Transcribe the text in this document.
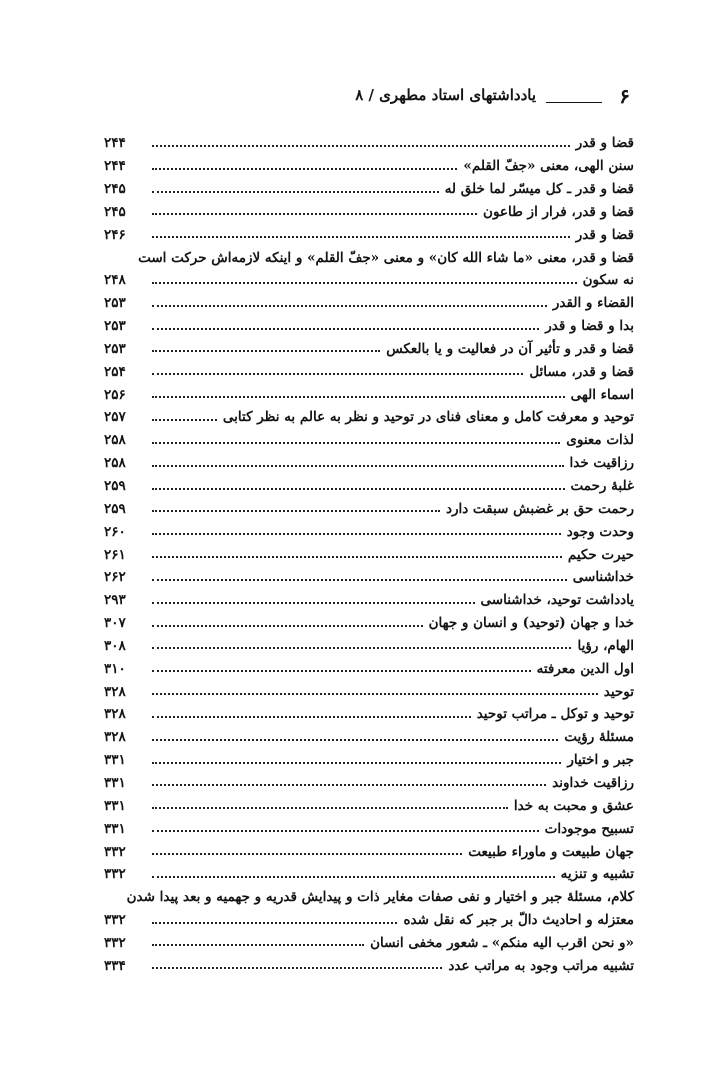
۶
یادداشتهای استاد مطهری / ۸
قضا و قدر
۲۴۴
سنن الهی، معنی «جفّ القلم»
۲۴۴
قضا و قدر ـ کل میسّر لما خلق له
۲۴۵
قضا و قدر، فرار از طاعون
۲۴۵
قضا و قدر
۲۴۶
قضا و قدر، معنی «ما شاء الله کان» و معنی «جفّ القلم» و اینکه لازمه‌اش حرکت است
نه سکون
۲۴۸
القضاء و القدر
۲۵۳
بدا و قضا و قدر
۲۵۳
قضا و قدر و تأثیر آن در فعالیت و یا بالعکس
۲۵۳
قضا و قدر، مسائل
۲۵۴
اسماء الهی
۲۵۶
توحید و معرفت کامل و معنای فنای در توحید و نظر به عالم به نظر کتابی
۲۵۷
لذات معنوی
۲۵۸
رزاقیت خدا
۲۵۸
غلبهٔ رحمت
۲۵۹
رحمت حق بر غضبش سبقت دارد
۲۵۹
وحدت وجود
۲۶۰
حیرت حکیم
۲۶۱
خداشناسی
۲۶۲
یادداشت توحید، خداشناسی
۲۹۳
خدا و جهان (توحید) و انسان و جهان
۳۰۷
الهام، رؤیا
۳۰۸
اول الدین معرفته
۳۱۰
توحید
۳۲۸
توحید و توکل ـ مراتب توحید
۳۲۸
مسئلهٔ رؤیت
۳۲۸
جبر و اختیار
۳۳۱
رزاقیت خداوند
۳۳۱
عشق و محبت به خدا
۳۳۱
تسبیح موجودات
۳۳۱
جهان طبیعت و ماوراء طبیعت
۳۳۲
تشبیه و تنزیه
۳۳۲
کلام، مسئلهٔ جبر و اختیار و نفی صفات مغایر ذات و پیدایش قدریه و جهمیه و بعد پیدا شدن
معتزله و احادیث دالّ بر جبر که نقل شده
۳۳۲
«و نحن اقرب الیه منکم» ـ شعور مخفی انسان
۳۳۲
تشبیه مراتب وجود به مراتب عدد
۳۳۴
